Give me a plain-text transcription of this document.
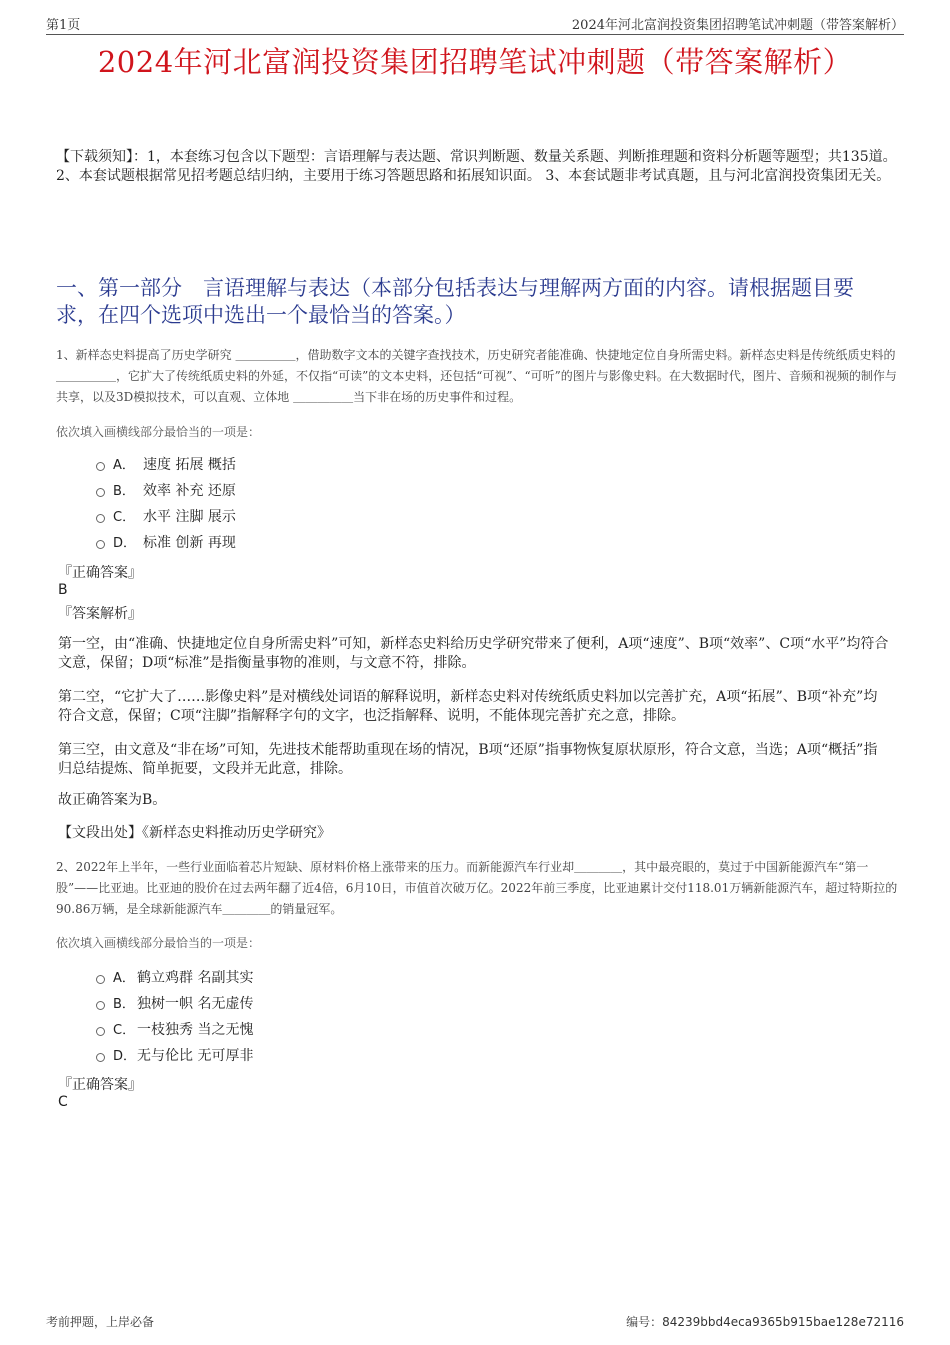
第1页	2024年河北富润投资集团招聘笔试冲刺题（带答案解析）
2024年河北富润投资集团招聘笔试冲刺题（带答案解析）
【下载须知】：1，本套练习包含以下题型：言语理解与表达题、常识判断题、数量关系题、判断推理题和资料分析题等题型；共135道。 2、本套试题根据常见招考题总结归纳，主要用于练习答题思路和拓展知识面。 3、本套试题非考试真题，且与河北富润投资集团无关。
一、第一部分　言语理解与表达（本部分包括表达与理解两方面的内容。请根据题目要求，在四个选项中选出一个最恰当的答案。）
1、新样态史料提高了历史学研究 ＿＿＿＿＿，借助数字文本的关键字查找技术，历史研究者能准确、快捷地定位自身所需史料。新样态史料是传统纸质史料的 ＿＿＿＿＿，它扩大了传统纸质史料的外延，不仅指“可读”的文本史料，还包括“可视”、“可听”的图片与影像史料。在大数据时代，图片、音频和视频的制作与共享，以及3D模拟技术，可以直观、立体地 ＿＿＿＿＿当下非在场的历史事件和过程。
依次填入画横线部分最恰当的一项是：
A． 速度 拓展 概括
B． 效率 补充 还原
C． 水平 注脚 展示
D． 标准 创新 再现
『正确答案』
B
『答案解析』
第一空，由“准确、快捷地定位自身所需史料”可知，新样态史料给历史学研究带来了便利，A项“速度”、B项“效率”、C项“水平”均符合文意，保留；D项“标准”是指衡量事物的准则，与文意不符，排除。
第二空，“它扩大了……影像史料”是对横线处词语的解释说明，新样态史料对传统纸质史料加以完善扩充，A项“拓展”、B项“补充”均符合文意，保留；C项“注脚”指解释字句的文字，也泛指解释、说明，不能体现完善扩充之意，排除。
第三空，由文意及“非在场”可知，先进技术能帮助重现在场的情况，B项“还原”指事物恢复原状原形，符合文意，当选；A项“概括”指归总结提炼、简单扼要，文段并无此意，排除。
故正确答案为B。
【文段出处】《新样态史料推动历史学研究》
2、2022年上半年，一些行业面临着芯片短缺、原材料价格上涨带来的压力。而新能源汽车行业却＿＿＿＿，其中最亮眼的，莫过于中国新能源汽车“第一股”——比亚迪。比亚迪的股价在过去两年翻了近4倍，6月10日，市值首次破万亿。2022年前三季度，比亚迪累计交付118.01万辆新能源汽车，超过特斯拉的90.86万辆，是全球新能源汽车＿＿＿＿的销量冠军。
依次填入画横线部分最恰当的一项是：
A． 鹤立鸡群 名副其实
B． 独树一帜 名无虚传
C． 一枝独秀 当之无愧
D．无与伦比 无可厚非
『正确答案』
C
考前押题，上岸必备	编号：84239bbd4eca9365b915bae128e72116
